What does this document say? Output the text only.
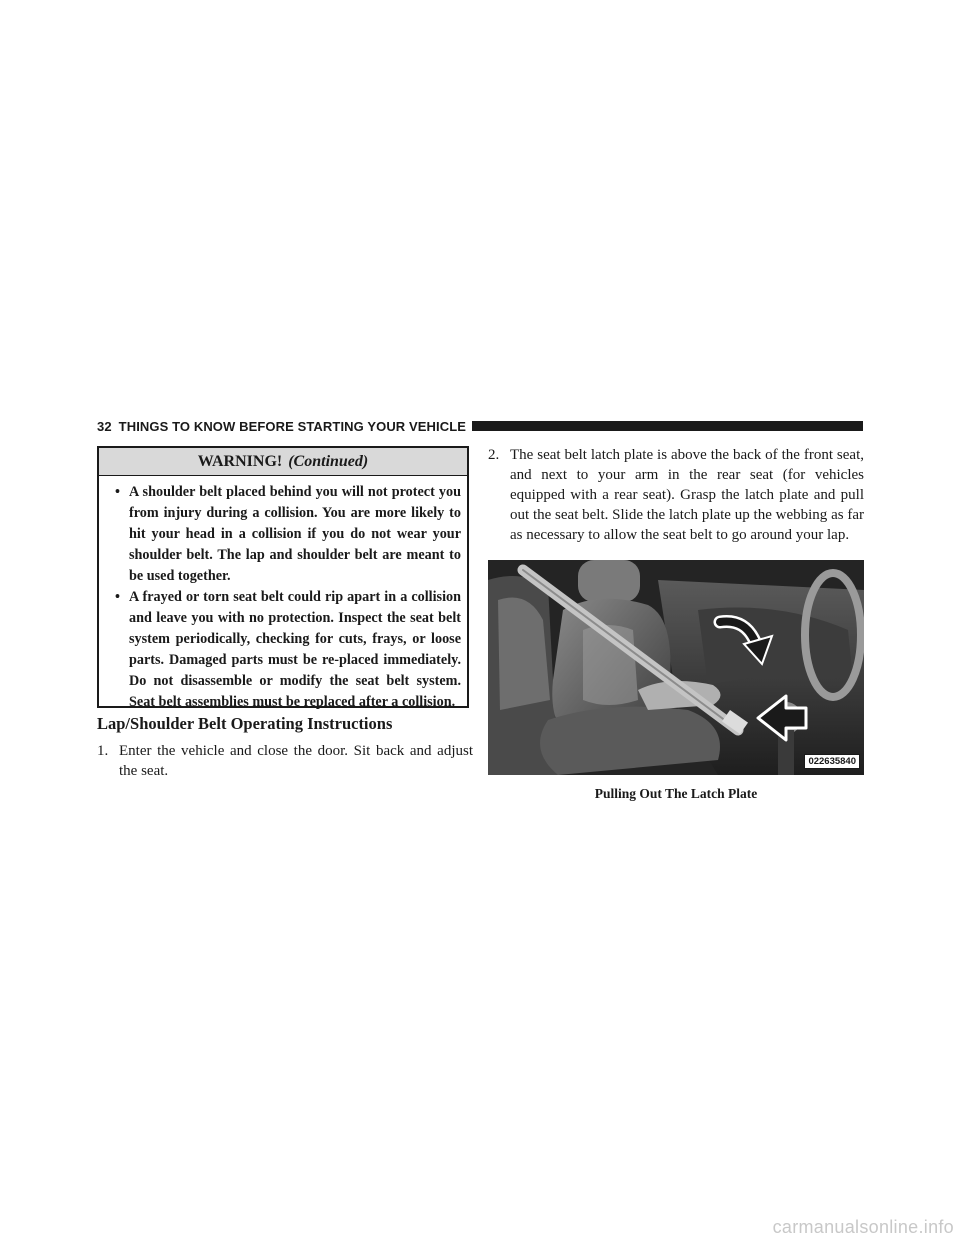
32 THINGS TO KNOW BEFORE STARTING YOUR VEHICLE
WARNING! (Continued)
• A shoulder belt placed behind you will not protect you from injury during a collision. You are more likely to hit your head in a collision if you do not wear your shoulder belt. The lap and shoulder belt are meant to be used together.
• A frayed or torn seat belt could rip apart in a collision and leave you with no protection. Inspect the seat belt system periodically, checking for cuts, frays, or loose parts. Damaged parts must be re-placed immediately. Do not disassemble or modify the seat belt system. Seat belt assemblies must be replaced after a collision.
Lap/Shoulder Belt Operating Instructions
1. Enter the vehicle and close the door. Sit back and adjust the seat.
2. The seat belt latch plate is above the back of the front seat, and next to your arm in the rear seat (for vehicles equipped with a rear seat). Grasp the latch plate and pull out the seat belt. Slide the latch plate up the webbing as far as necessary to allow the seat belt to go around your lap.
022635840
Pulling Out The Latch Plate
carmanualsonline.info
